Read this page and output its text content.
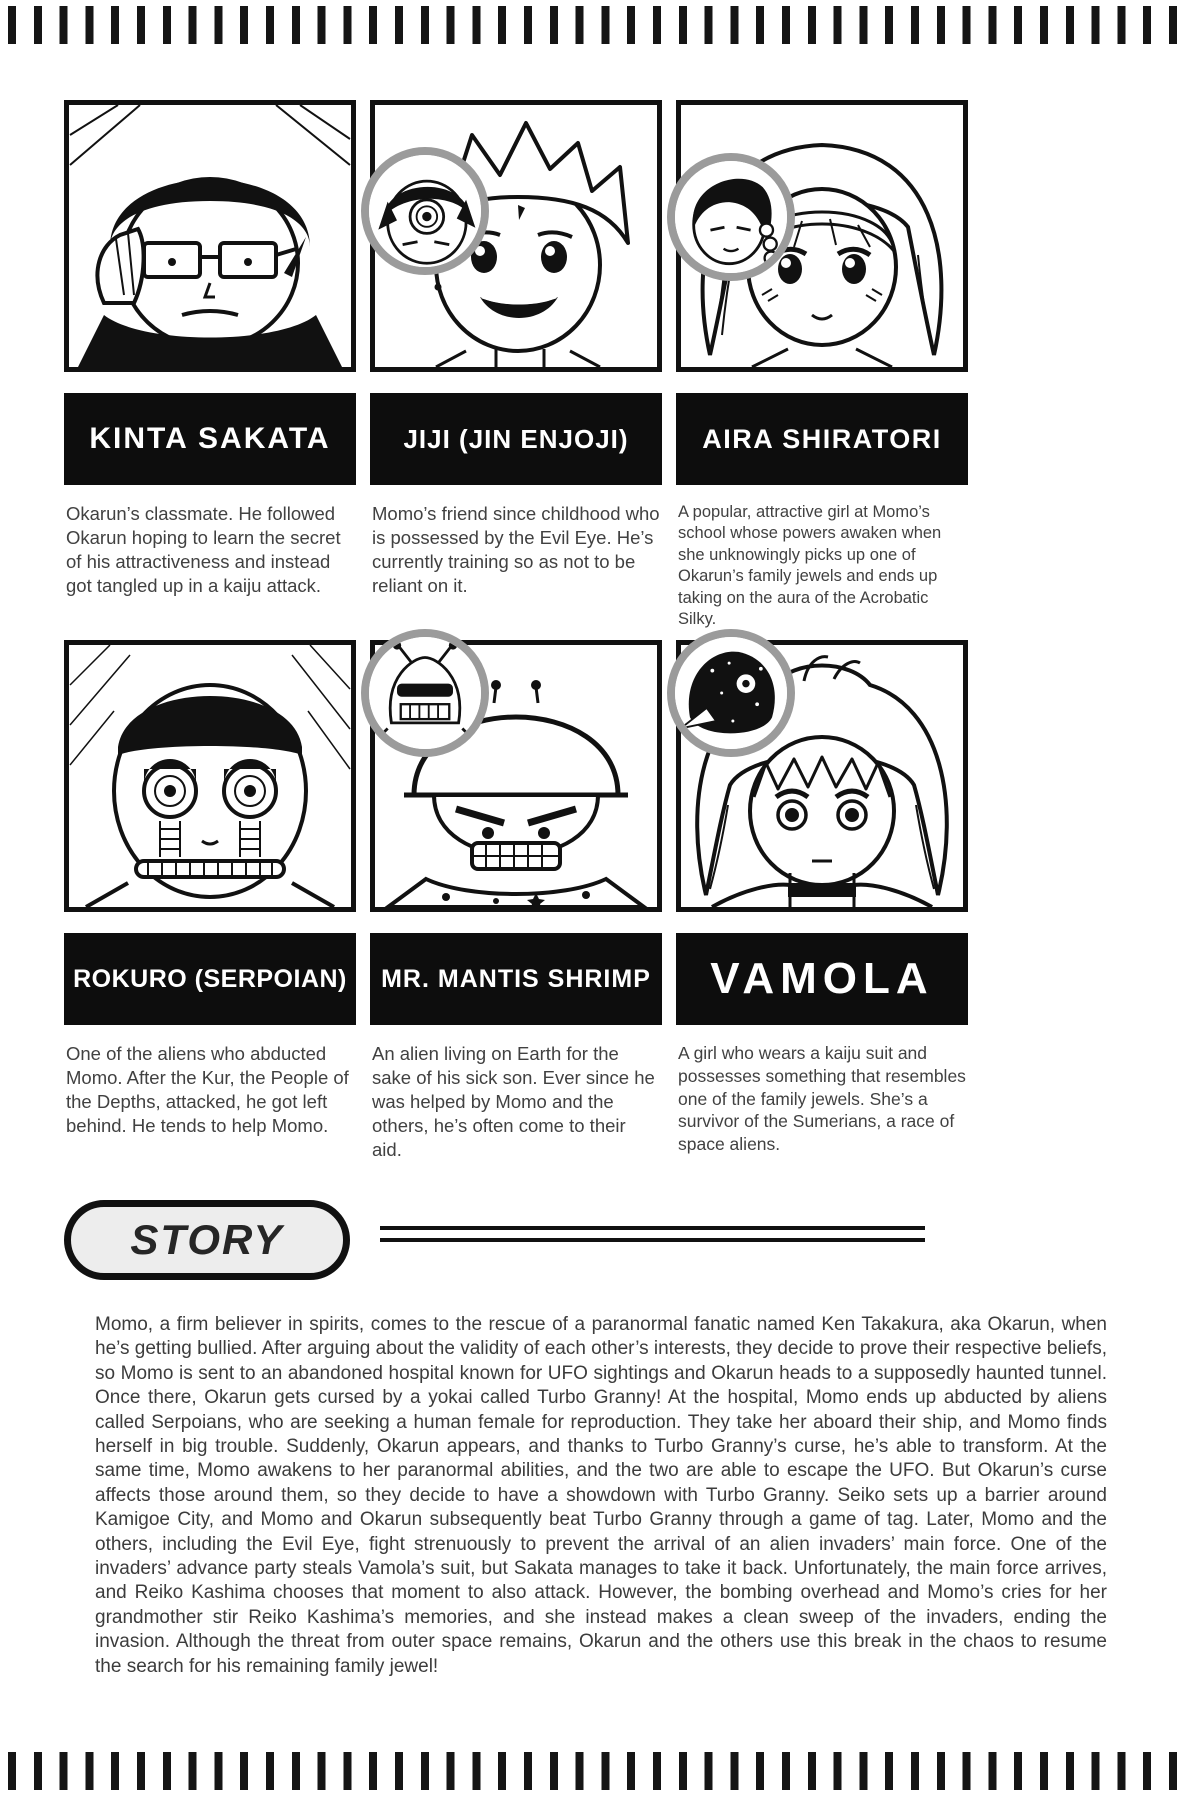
KINTA SAKATA

Okarun’s classmate. He followed Okarun hoping to learn the secret of his attractiveness and instead got tangled up in a kaiju attack.

JIJI (JIN ENJOJI)

Momo’s friend since childhood who is possessed by the Evil Eye. He’s currently training so as not to be reliant on it.

AIRA SHIRATORI

A popular, attractive girl at Momo’s school whose powers awaken when she unknowingly picks up one of Okarun’s family jewels and ends up taking on the aura of the Acrobatic Silky.

ROKURO (SERPOIAN)

One of the aliens who abducted Momo. After the Kur, the People of the Depths, attacked, he got left behind. He tends to help Momo.

MR. MANTIS SHRIMP

An alien living on Earth for the sake of his sick son. Ever since he was helped by Momo and the others, he’s often come to their aid.

VAMOLA

A girl who wears a kaiju suit and possesses something that resembles one of the family jewels. She’s a survivor of the Sumerians, a race of space aliens.

STORY

Momo, a firm believer in spirits, comes to the rescue of a paranormal fanatic named Ken Takakura, aka Okarun, when he’s getting bullied. After arguing about the validity of each other’s interests, they decide to prove their respective beliefs, so Momo is sent to an abandoned hospital known for UFO sightings and Okarun heads to a supposedly haunted tunnel. Once there, Okarun gets cursed by a yokai called Turbo Granny! At the hospital, Momo ends up abducted by aliens called Serpoians, who are seeking a human female for reproduction. They take her aboard their ship, and Momo finds herself in big trouble. Suddenly, Okarun appears, and thanks to Turbo Granny’s curse, he’s able to transform. At the same time, Momo awakens to her paranormal abilities, and the two are able to escape the UFO. But Okarun’s curse affects those around them, so they decide to have a showdown with Turbo Granny. Seiko sets up a barrier around Kamigoe City, and Momo and Okarun subsequently beat Turbo Granny through a game of tag. Later, Momo and the others, including the Evil Eye, fight strenuously to prevent the arrival of an alien invaders’ main force. One of the invaders’ advance party steals Vamola’s suit, but Sakata manages to take it back. Unfortunately, the main force arrives, and Reiko Kashima chooses that moment to also attack. However, the bombing overhead and Momo’s cries for her grandmother stir Reiko Kashima’s memories, and she instead makes a clean sweep of the invaders, ending the invasion. Although the threat from outer space remains, Okarun and the others use this break in the chaos to resume the search for his remaining family jewel!
